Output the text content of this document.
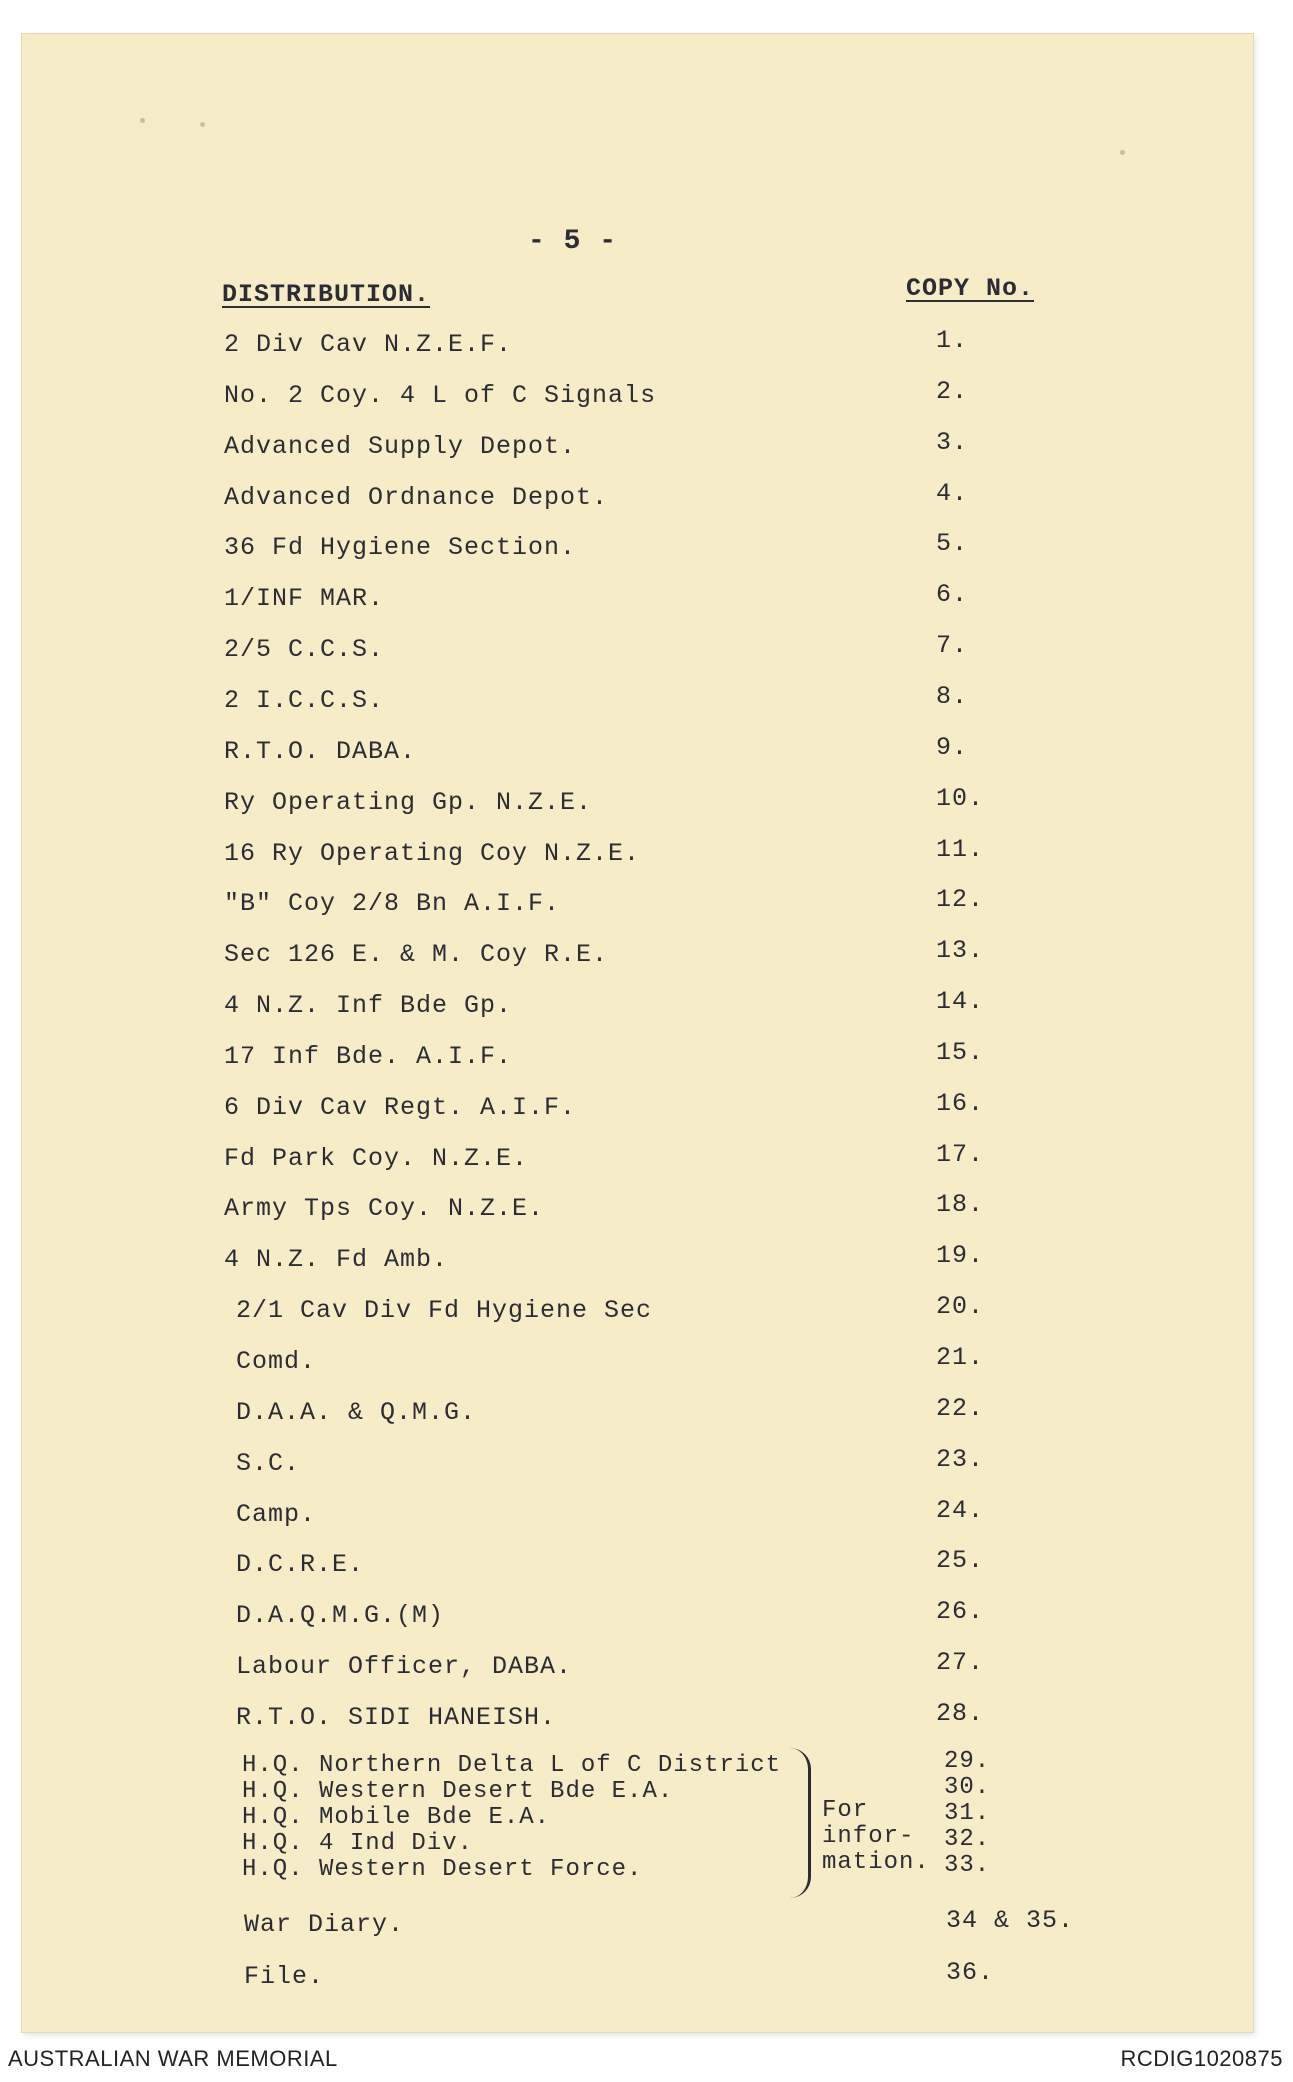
- 5 -
DISTRIBUTION.	COPY No.
2 Div Cav N.Z.E.F.	1.
No. 2 Coy. 4 L of C Signals	2.
Advanced Supply Depot.	3.
Advanced Ordnance Depot.	4.
36 Fd Hygiene Section.	5.
1/INF MAR.	6.
2/5 C.C.S.	7.
2 I.C.C.S.	8.
R.T.O. DABA.	9.
Ry Operating Gp. N.Z.E.	10.
16 Ry Operating Coy N.Z.E.	11.
"B" Coy 2/8 Bn A.I.F.	12.
Sec 126 E. & M. Coy R.E.	13.
4 N.Z. Inf Bde Gp.	14.
17 Inf Bde. A.I.F.	15.
6 Div Cav Regt. A.I.F.	16.
Fd Park Coy. N.Z.E.	17.
Army Tps Coy. N.Z.E.	18.
4 N.Z. Fd Amb.	19.
2/1 Cav Div Fd Hygiene Sec	20.
Comd.	21.
D.A.A. & Q.M.G.	22.
S.C.	23.
Camp.	24.
D.C.R.E.	25.
D.A.Q.M.G.(M)	26.
Labour Officer, DABA.	27.
R.T.O. SIDI HANEISH.	28.
H.Q. Northern Delta L of C District	29.
H.Q. Western Desert Bde E.A.	30.
H.Q. Mobile Bde E.A.	31.
H.Q. 4 Ind Div.	32.
H.Q. Western Desert Force.	33.
War Diary.	34 & 35.
File.	36.
For
infor-
mation.
AUSTRALIAN WAR MEMORIAL	RCDIG1020875
